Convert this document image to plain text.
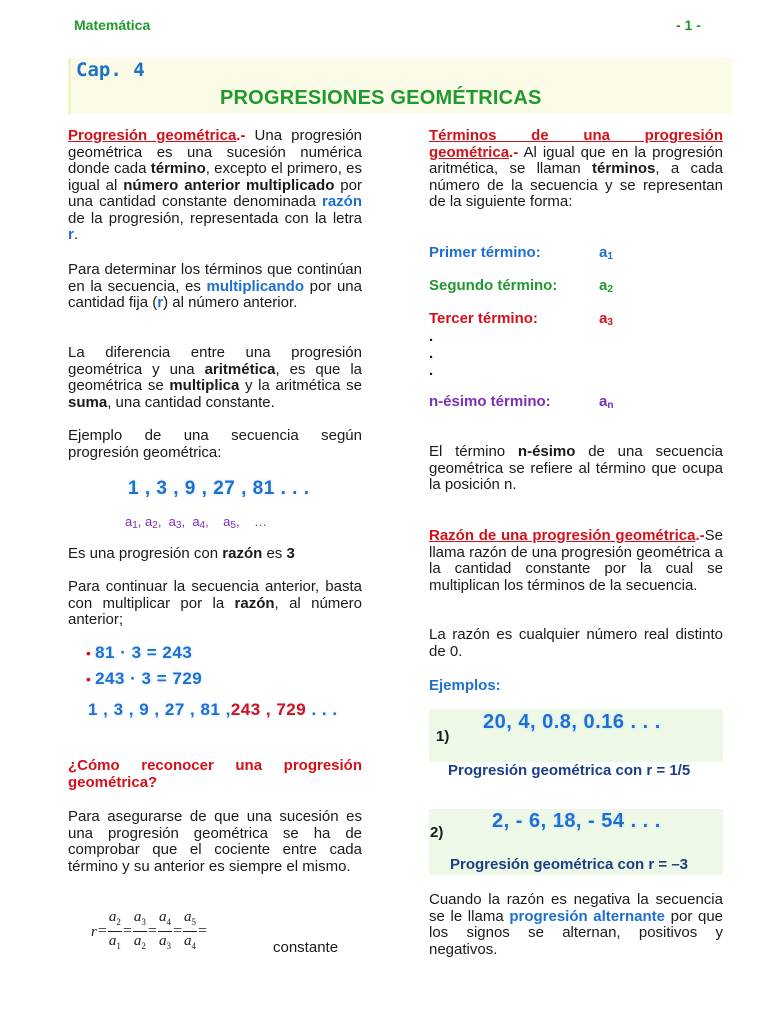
Matemática	- 1 -
Cap. 4
PROGRESIONES GEOMÉTRICAS
Progresión geométrica.- Una progresión geométrica es una sucesión numérica donde cada término, excepto el primero, es igual al número anterior multiplicado por una cantidad constante denominada razón de la progresión, representada con la letra r.
Para determinar los términos que continúan en la secuencia, es multiplicando por una cantidad fija (r) al número anterior.
La diferencia entre una progresión geométrica y una aritmética, es que la geométrica se multiplica y la aritmética se suma, una cantidad constante.
Ejemplo de una secuencia según progresión geométrica:
1 , 3 , 9 , 27 , 81 . . .
a1, a2,  a3,  a4,    a5,    …
Es una progresión con razón es 3
Para continuar la secuencia anterior, basta con multiplicar por la razón, al número anterior;
• 81 · 3 = 243
• 243 · 3 = 729
1 , 3 , 9 , 27 , 81 ,243 , 729 . . .
¿Cómo reconocer una progresión geométrica?
Para asegurarse de que una sucesión es una progresión geométrica se ha de comprobar que el cociente entre cada término y su anterior es siempre el mismo.
$r= \frac{a_2}{a_1} = \frac{a_3}{a_2} = \frac{a_4}{a_3} = \frac{a_5}{a_4}$ =
constante
Términos de una progresión geométrica.- Al igual que en la progresión aritmética, se llaman términos, a cada número de la secuencia y se representan de la siguiente forma:
Primer término:	a1
Segundo término:	a2
Tercer término:	a3
.
.
.
n-ésimo término:	an
El término n-ésimo de una secuencia geométrica se refiere al término que ocupa la posición n.
Razón de una progresión geométrica.-Se llama razón de una progresión geométrica a la cantidad constante por la cual se multiplican los términos de la secuencia.
La razón es cualquier número real distinto de 0.
Ejemplos:
1)
20, 4, 0.8, 0.16 . . .
Progresión geométrica con r = 1/5
2)
2, - 6, 18, - 54 . . .
Progresión geométrica con r = –3
Cuando la razón es negativa la secuencia se le llama progresión alternante por que los signos se alternan, positivos y negativos.
